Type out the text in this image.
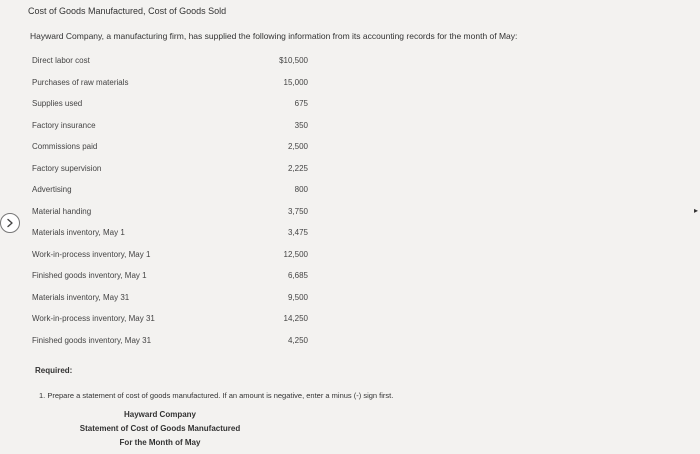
Cost of Goods Manufactured, Cost of Goods Sold
Hayward Company, a manufacturing firm, has supplied the following information from its accounting records for the month of May:
Direct labor cost	$10,500
Purchases of raw materials	15,000
Supplies used	675
Factory insurance	350
Commissions paid	2,500
Factory supervision	2,225
Advertising	800
Material handing	3,750
Materials inventory, May 1	3,475
Work-in-process inventory, May 1	12,500
Finished goods inventory, May 1	6,685
Materials inventory, May 31	9,500
Work-in-process inventory, May 31	14,250
Finished goods inventory, May 31	4,250
▸
Required:
1. Prepare a statement of cost of goods manufactured. If an amount is negative, enter a minus (-) sign first.
Hayward Company
Statement of Cost of Goods Manufactured
For the Month of May
